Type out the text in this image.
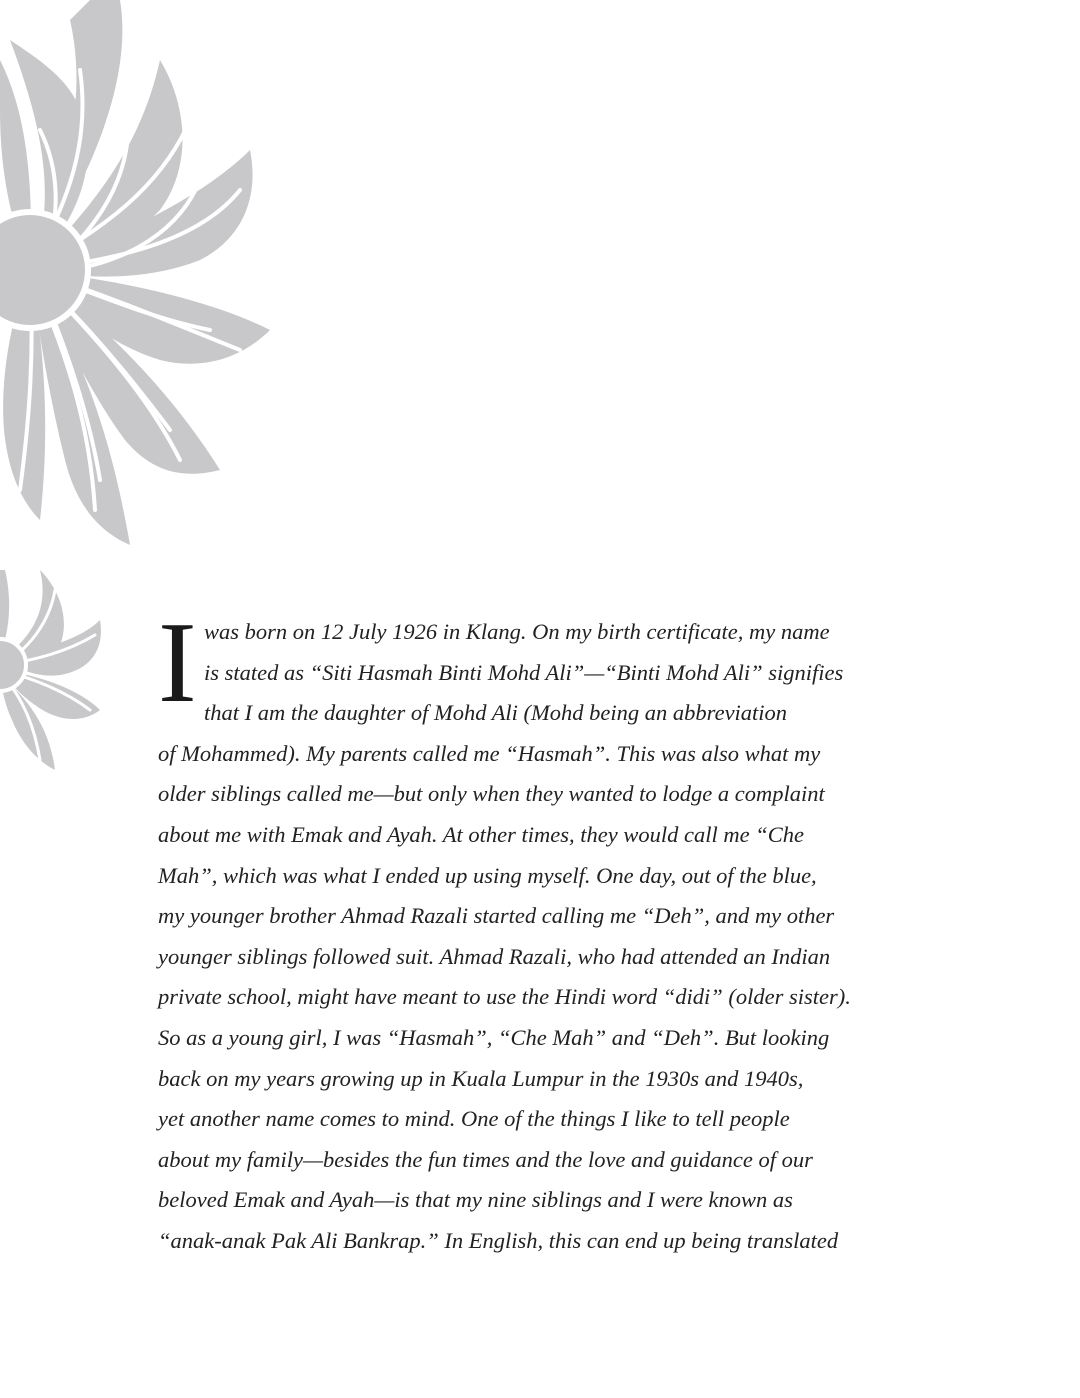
I was born on 12 July 1926 in Klang. On my birth certificate, my name
is stated as “Siti Hasmah Binti Mohd Ali”—“Binti Mohd Ali” signifies
that I am the daughter of Mohd Ali (Mohd being an abbreviation
of Mohammed). My parents called me “Hasmah”. This was also what my
older siblings called me—but only when they wanted to lodge a complaint
about me with Emak and Ayah. At other times, they would call me “Che
Mah”, which was what I ended up using myself. One day, out of the blue,
my younger brother Ahmad Razali started calling me “Deh”, and my other
younger siblings followed suit. Ahmad Razali, who had attended an Indian
private school, might have meant to use the Hindi word “didi” (older sister).
So as a young girl, I was “Hasmah”, “Che Mah” and “Deh”. But looking
back on my years growing up in Kuala Lumpur in the 1930s and 1940s,
yet another name comes to mind. One of the things I like to tell people
about my family—besides the fun times and the love and guidance of our
beloved Emak and Ayah—is that my nine siblings and I were known as
“anak-anak Pak Ali Bankrap.” In English, this can end up being translated
